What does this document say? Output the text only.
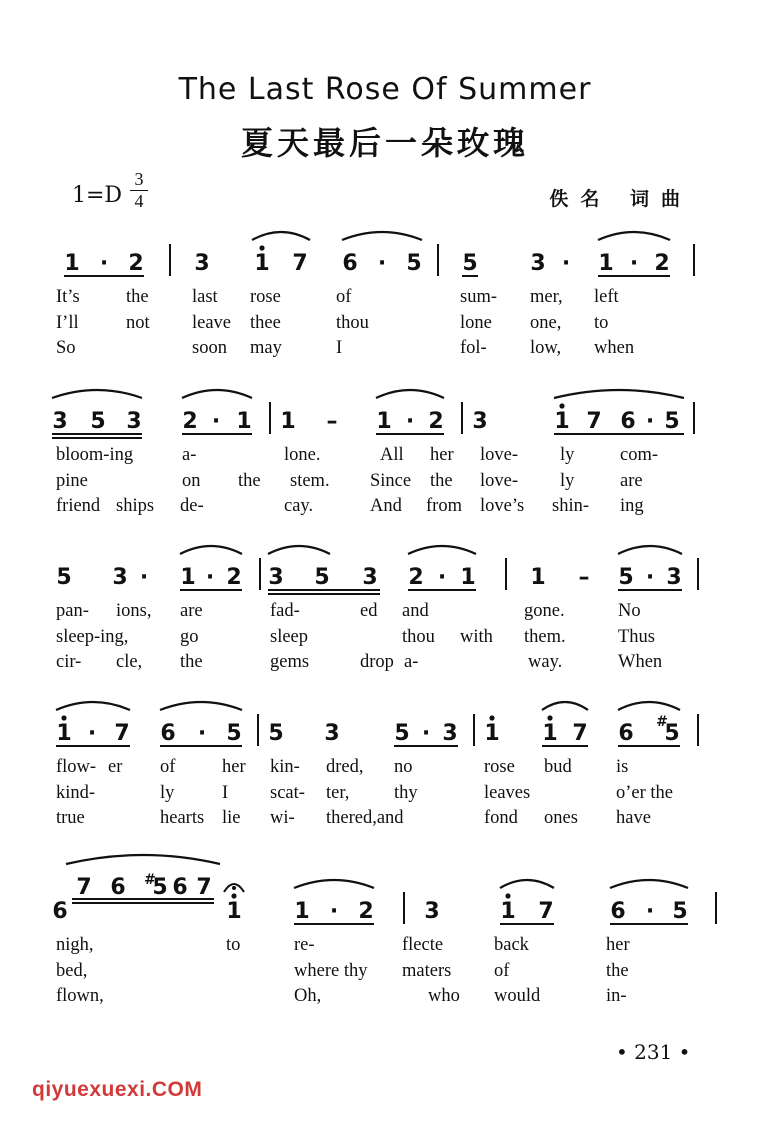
The Last Rose Of Summer
夏天最后一朵玫瑰
1=D
3
4	佚名 词曲
1 · 2 3 1 7 6 · 5 5 3 · 1 · 2
It’s	the last rose	of	sum- mer, left
I’ll	not leave thee	thou	lone one, to
So	soon may	I	fol- low, when
3 5 3 2 · 1 1 – 1 · 2 3	1 7 6 · 5
bloom-ing	a-	lone.	All her love- ly com-
pine	on the stem. Since the love- ly are
friend ships de-	cay.	And from love’s shin- ing
5 3 · 1 · 2 3 5 3 2 · 1 1 – 5 · 3
pan- ions, are	fad-	ed and	gone.	No
sleep-ing,	go	sleep	thou with them.	Thus
cir- cle, the	gems	drop a-	way.	When
1 · 7 6 · 5 5 3 5 · 3 1 1 7 6 5
#
flow- er of	her kin- dred, no	rose bud is
kind-	ly	I scat- ter, thy	leaves	o’er the
true	hearts lie wi- thered,and	fond ones have
6	1 1 · 2 3	1 7	6 · 5
7 6 5
# 6 7
nigh,	to	re-	flecte	back	her
bed,	where thy maters of	the
flown,	Oh,	who would	in-
• 231 •
qiyuexuexi.COM
